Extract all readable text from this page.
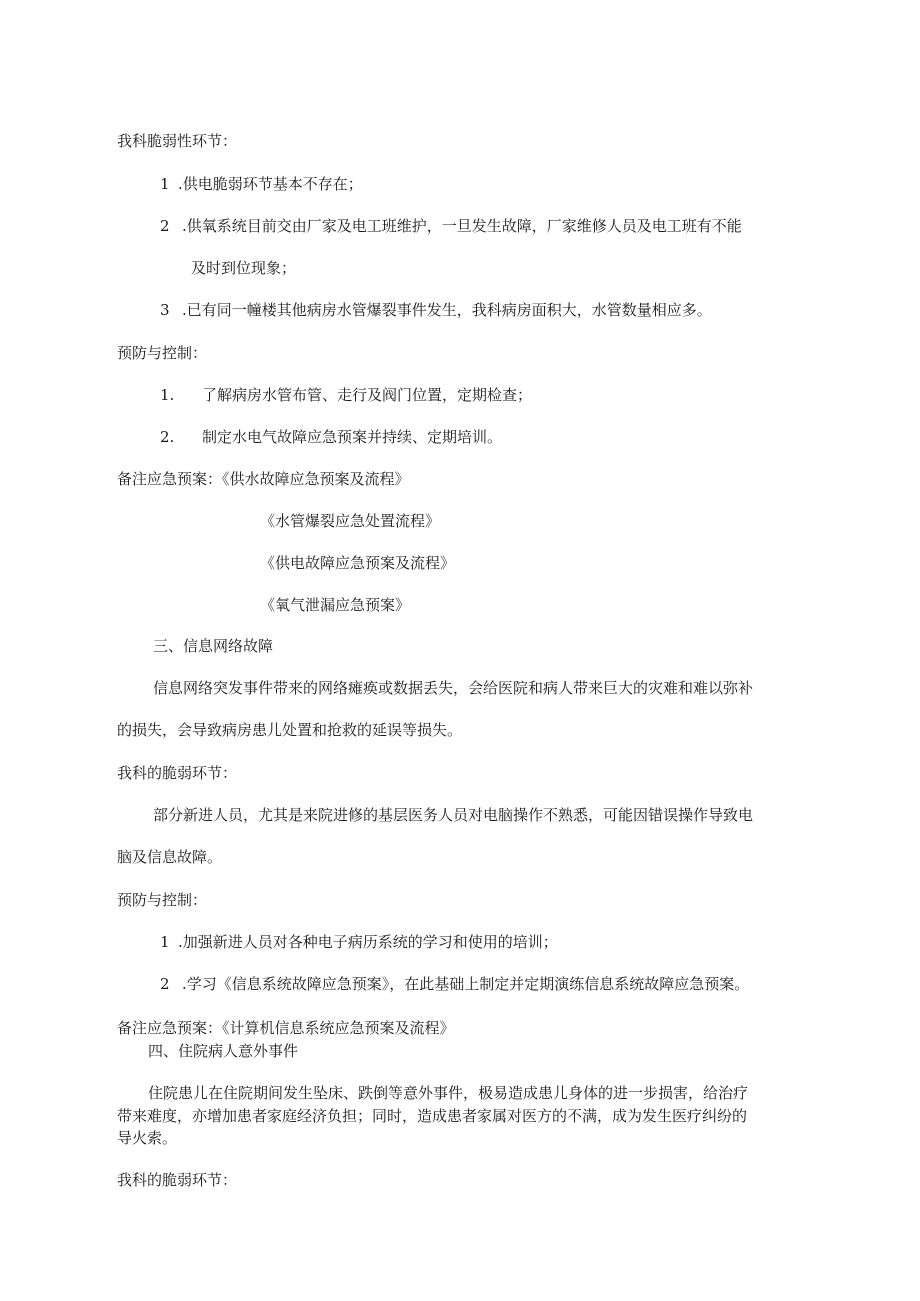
我科脆弱性环节：
1 .供电脆弱环节基本不存在；
2 .供氧系统目前交由厂家及电工班维护，一旦发生故障，厂家维修人员及电工班有不能
及时到位现象；
3 .已有同一幢楼其他病房水管爆裂事件发生，我科病房面积大，水管数量相应多。
预防与控制：
1. 了解病房水管布管、走行及阀门位置，定期检查；
2. 制定水电气故障应急预案并持续、定期培训。
备注应急预案：《供水故障应急预案及流程》
《水管爆裂应急处置流程》
《供电故障应急预案及流程》
《氧气泄漏应急预案》
三、信息网络故障
信息网络突发事件带来的网络瘫痪或数据丢失，会给医院和病人带来巨大的灾难和难以弥补
的损失，会导致病房患儿处置和抢救的延误等损失。
我科的脆弱环节：
部分新进人员，尤其是来院进修的基层医务人员对电脑操作不熟悉，可能因错误操作导致电
脑及信息故障。
预防与控制：
1 .加强新进人员对各种电子病历系统的学习和使用的培训；
2 .学习《信息系统故障应急预案》，在此基础上制定并定期演练信息系统故障应急预案。
备注应急预案：《计算机信息系统应急预案及流程》
四、住院病人意外事件
住院患儿在住院期间发生坠床、跌倒等意外事件，极易造成患儿身体的进一步损害，给治疗
带来难度，亦增加患者家庭经济负担；同时，造成患者家属对医方的不满，成为发生医疗纠纷的
导火索。
我科的脆弱环节：
